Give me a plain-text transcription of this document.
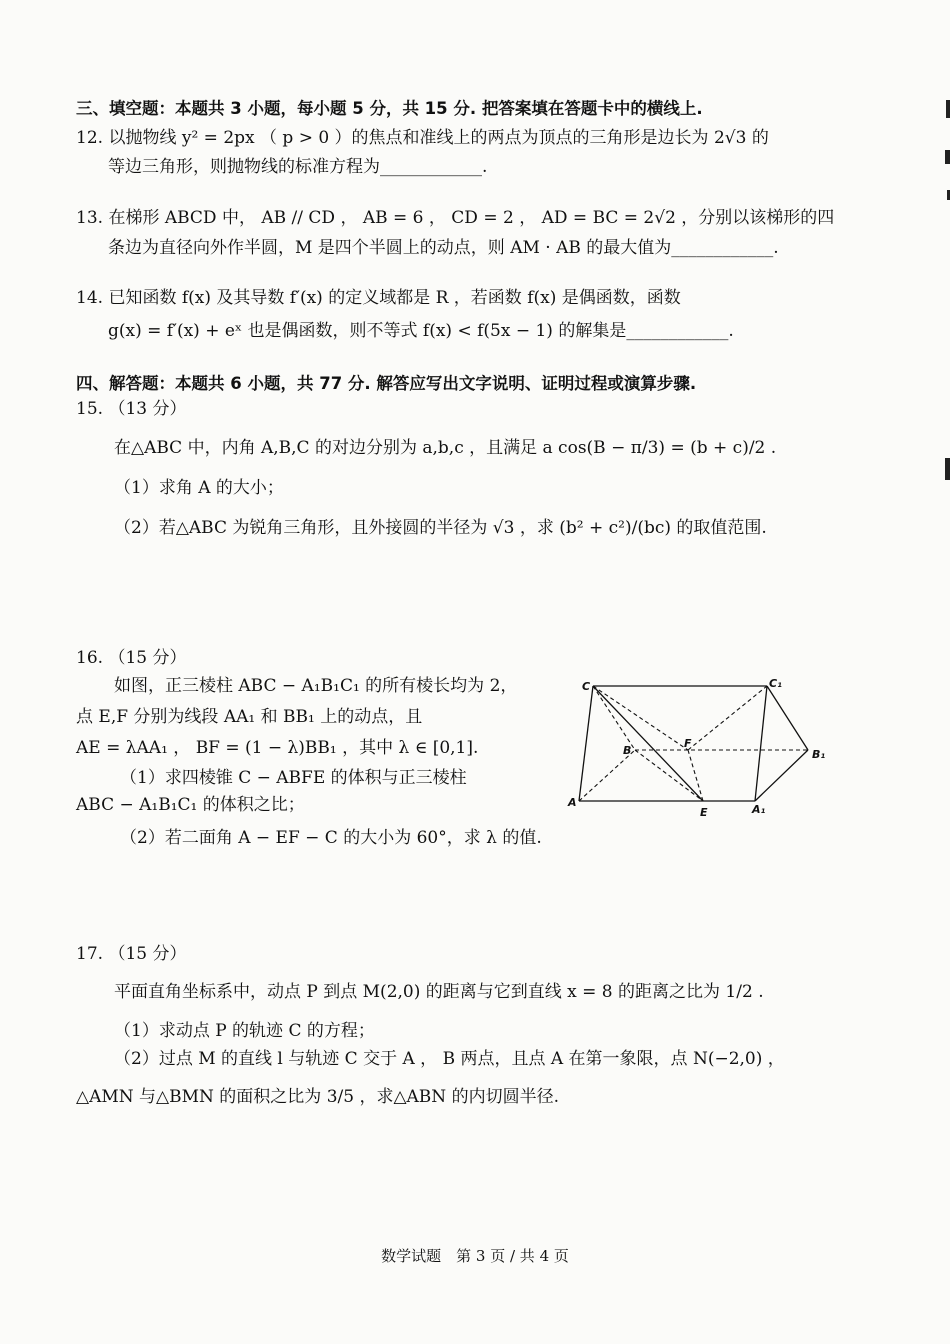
三、填空题：本题共 3 小题，每小题 5 分，共 15 分. 把答案填在答题卡中的横线上.
12. 以抛物线 y² = 2px （ p > 0 ）的焦点和准线上的两点为顶点的三角形是边长为 2√3 的
等边三角形，则抛物线的标准方程为____________.
13. 在梯形 ABCD 中， AB // CD ， AB = 6 ， CD = 2 ， AD = BC = 2√2 ，分别以该梯形的四
条边为直径向外作半圆，M 是四个半圆上的动点，则 AM · AB 的最大值为____________.
14. 已知函数 f(x) 及其导数 f′(x) 的定义域都是 R ，若函数 f(x) 是偶函数，函数
g(x) = f′(x) + eˣ 也是偶函数，则不等式 f(x) < f(5x − 1) 的解集是____________.
四、解答题：本题共 6 小题，共 77 分. 解答应写出文字说明、证明过程或演算步骤.
15. （13 分）
在△ABC 中，内角 A,B,C 的对边分别为 a,b,c ，且满足 a cos(B − π/3) = (b + c)/2 .
（1）求角 A 的大小；
（2）若△ABC 为锐角三角形，且外接圆的半径为 √3 ，求 (b² + c²)/(bc) 的取值范围.
16. （15 分）
如图，正三棱柱 ABC − A₁B₁C₁ 的所有棱长均为 2，
点 E,F 分别为线段 AA₁ 和 BB₁ 上的动点，且
AE = λAA₁ ， BF = (1 − λ)BB₁ ，其中 λ ∈ [0,1].
（1）求四棱锥 C − ABFE 的体积与正三棱柱
ABC − A₁B₁C₁ 的体积之比；
（2）若二面角 A − EF − C 的大小为 60°，求 λ 的值.
C	C₁
B
F
B₁
A
E	A₁
17. （15 分）
平面直角坐标系中，动点 P 到点 M(2,0) 的距离与它到直线 x = 8 的距离之比为 1/2 .
（1）求动点 P 的轨迹 C 的方程；
（2）过点 M 的直线 l 与轨迹 C 交于 A ， B 两点，且点 A 在第一象限，点 N(−2,0) ，
△AMN 与△BMN 的面积之比为 3/5 ，求△ABN 的内切圆半径.
数学试题　第 3 页 / 共 4 页
